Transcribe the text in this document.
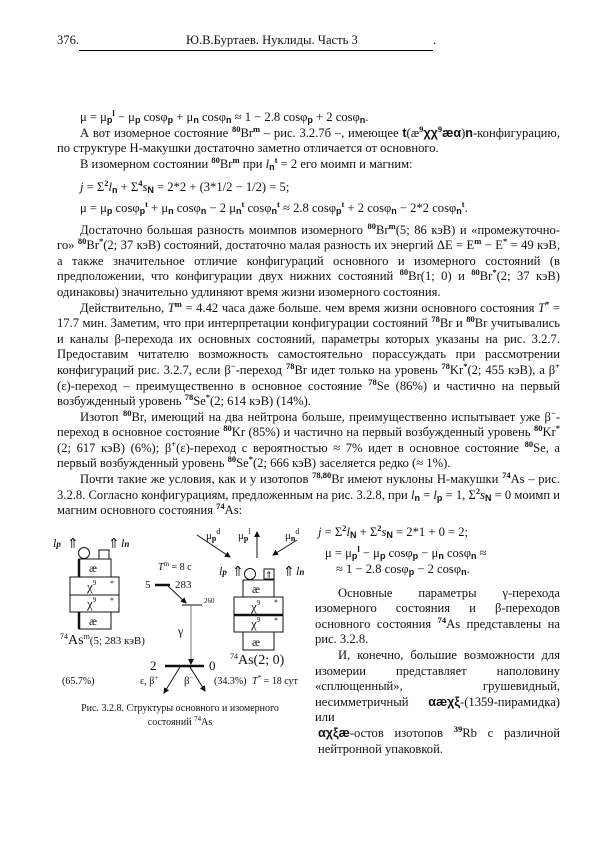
376.	Ю.В.Буртаев. Нуклиды. Часть 3	.
$\mu = \mu_p^l - \mu_p$ $\cos\varphi_p + \mu_n$ cosφ$_n$ ≈ 1 − 2.8 cosφ$_p$ + 2 cosφ$_n$.
А вот изомерное состояние $^{80}$Br$^m$ – рис. 3.2.7б –, имеющее $t(æ^9\chi\chi^9æ\alpha)n$-конфигурацию, по структуре Н-макушки достаточно заметно отличается от основного.
В изомерном состоянии $^{80}$Br$^m$ при $l_n^t = 2$ его моимп и магним:
$j = \Sigma^2l_n + \Sigma^4s_N = 2*2 + (3*1/2 - 1/2) = 5$;
$\mu = \mu_p$ $\cos\varphi_p^t + \mu_n$ cosφ$_n$ − 2 $\mu_n^t$ cosφ$_n^t$ ≈ 2.8 cosφ$_p^t$ + 2 cosφ$_n$ − 2*2 cosφ$_n^t$.
Достаточно большая разность моимпов изомерного $^{80}$Br$^m$(5; 86 кэВ) и «промежуточно-го» $^{80}$Br*(2; 37 кэВ) состояний, достаточно малая разность их энергий $\Delta E = E^m - E^* = 49$ кэВ, а также значительное отличие конфигураций основного и изомерного состояний (в предположении, что конфигурации двух нижних состояний $^{80}$Br(1; 0) и $^{80}$Br*(2; 37 кэВ) одинаковы) значительно удлиняют время жизни изомерного состояния.
Действительно, $T^m = 4.42$ часа даже больше. чем время жизни основного состояния T* = 17.7 мин. Заметим, что при интерпретации конфигурации состояний $^{78}$Br и $^{80}$Br учитывались и каналы β-перехода их основных состояний, параметры которых указаны на рис. 3.2.7. Предоставим читателю возможность самостоятельно порассуждать при рассмотрении конфигураций рис. 3.2.7, если β−-переход $^{78}$Br идет только на уровень $^{78}$Kr*(2; 455 кэВ), а β+(ε)-переход – преимущественно в основное состояние $^{78}$Se (86%) и частично на первый возбужденный уровень $^{78}$Se*(2; 614 кэВ) (14%).
Изотоп $^{80}$Br, имеющий на два нейтрона больше, преимущественно испытывает уже β−-переход в основное состояние $^{80}$Kr (85%) и частично на первый возбужденный уровень $^{80}$Kr*(2; 617 кэВ) (6%); β+(ε)-переход с вероятностью ≈ 7% идет в основное состояние $^{80}$Se, а первый возбужденный уровень $^{80}$Se*(2; 666 кэВ) заселяется редко (≈ 1%).
Почти такие же условия, как и у изотопов $^{78,80}$Br имеют нуклоны Н-макушки $^{74}$As – рис. 3.2.8. Согласно конфигурациям, предложенным на рис. 3.2.8, при $l_n = l_p = 1$, $\Sigma^2s_N = 0$ моимп и магним основного состояния $^{74}$As:
lp ⇑ ⇑ ln
æ
$\chi^9$ *
$\chi^9$ *
æ
$^{74}$As$^m$(5; 283 кэВ)
$T^m = 8$ с
5 283
260
γ
2	0
(65.7%)	ε, β+ β− (34.3%) T* = 18 сут
$\mu p^d$ $\mu p^l$	$\mu n^d$
lp ⇑	⇑ ln
⇑
æ
$\chi^9$ *
$\chi^9$ *
æ
$^{74}$As(2; 0)
Рис. 3.2.8. Структуры основного и изомерного
состояний $^{74}$As
$j = \Sigma^2l_N + \Sigma^2s_N = 2*1 + 0 = 2$;
$\mu = \mu_p^l - \mu_p$ $\cos\varphi_p - \mu_n$ cosφ$_n$ ≈
≈ 1 − 2.8 cosφ$_p$ − 2 cosφ$_n$.
Основные параметры γ-перехода изомерного состояния и β-переходов основного состояния $^{74}$As представлены на рис. 3.2.8.
И, конечно, большие возможности для изомерии представляет наполовину «сплющенный», грушевидный, несимметричный αæχξ-(1359-пирамидка) или
αχξæ-остов изотопов $^{39}$Rb с различной нейтронной упаковкой.
